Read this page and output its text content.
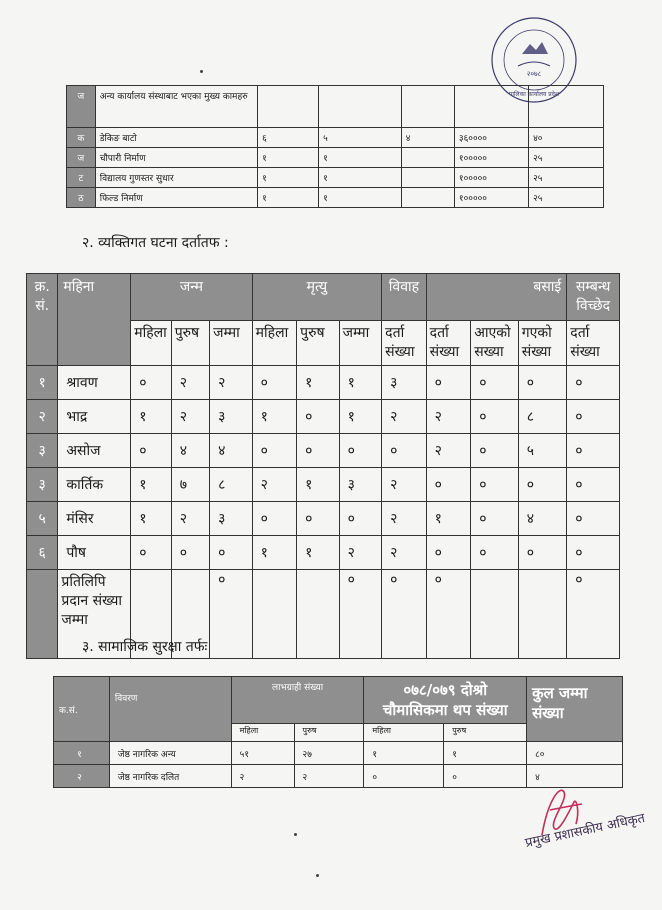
२०७८
पालिका कार्यालय प्रदेश
ज	अन्य कार्यालय संस्थाबाट भएका मुख्य कामहरु					
क	डेकिङ बाटो	६	५	४	३६००००	४०
ज	चौपारी निर्माण	१	१		१०००००	२५
ट	विद्यालय गुणस्तर सुधार	१	१		१०००००	२५
ठ	फिल्ड निर्माण	१	१		१०००००	२५
२. व्यक्तिगत घटना दर्तातफ :
क्र. सं.	महिना	जन्म			मृत्यु			विवाह	बसाई			सम्बन्ध विच्छेद
		महिला	पुरुष	जम्मा	महिला	पुरुष	जम्मा	दर्ता संख्या	दर्ता संख्या	आएको सख्या	गएको संख्या	दर्ता संख्या
१	श्रावण	०	२	२	०	१	१	३	०	०	०	०
२	भाद्र	१	२	३	१	०	१	२	२	०	८	०
३	असोज	०	४	४	०	०	०	०	२	०	५	०
३	कार्तिक	१	७	८	२	१	३	२	०	०	०	०
५	मंसिर	१	२	३	०	०	०	२	१	०	४	०
६	पौष	०	०	०	१	१	२	२	०	०	०	०
	प्रतिलिपि प्रदान संख्या जम्मा			०			०	०	०			०
३. सामाजिक सुरक्षा तर्फः
क.सं.	विवरण	लाभग्राही संख्या		०७८/०७९ दोश्रो चौमासिकमा थप संख्या		कुल जम्मा संख्या
		महिला	पुरुष	महिला	पुरुष	
१	जेष्ठ नागरिक अन्य	५१	२७	१	१	८०
२	जेष्ठ नागरिक दलित	२	२	०	०	४
प्रमुख प्रशासकीय अधिकृत
